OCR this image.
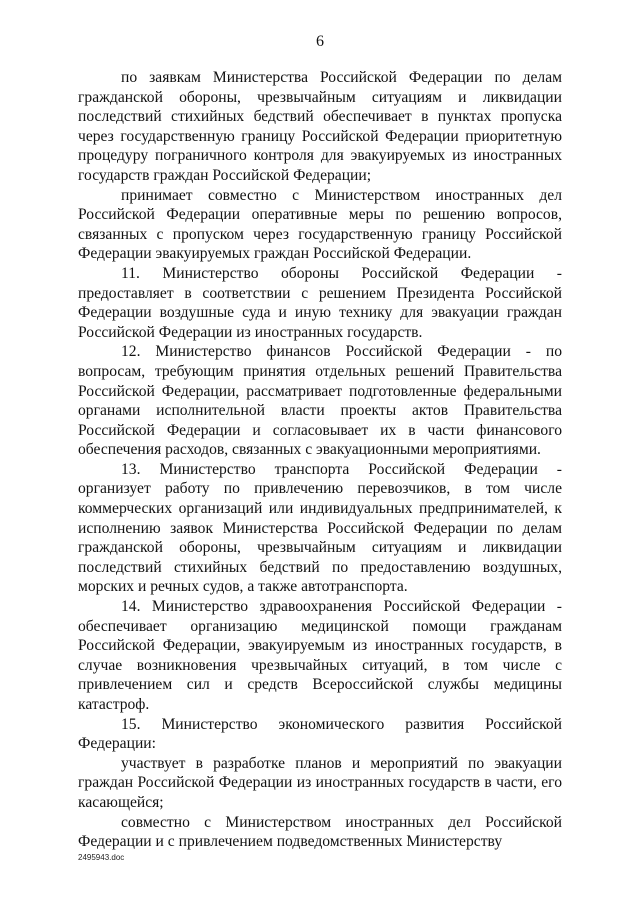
6

по заявкам Министерства Российской Федерации по делам гражданской обороны, чрезвычайным ситуациям и ликвидации последствий стихийных бедствий обеспечивает в пунктах пропуска через государственную границу Российской Федерации приоритетную процедуру пограничного контроля для эвакуируемых из иностранных государств граждан Российской Федерации;

принимает совместно с Министерством иностранных дел Российской Федерации оперативные меры по решению вопросов, связанных с пропуском через государственную границу Российской Федерации эвакуируемых граждан Российской Федерации.

11. Министерство обороны Российской Федерации - предоставляет в соответствии с решением Президента Российской Федерации воздушные суда и иную технику для эвакуации граждан Российской Федерации из иностранных государств.

12. Министерство финансов Российской Федерации - по вопросам, требующим принятия отдельных решений Правительства Российской Федерации, рассматривает подготовленные федеральными органами исполнительной власти проекты актов Правительства Российской Федерации и согласовывает их в части финансового обеспечения расходов, связанных с эвакуационными мероприятиями.

13. Министерство транспорта Российской Федерации - организует работу по привлечению перевозчиков, в том числе коммерческих организаций или индивидуальных предпринимателей, к исполнению заявок Министерства Российской Федерации по делам гражданской обороны, чрезвычайным ситуациям и ликвидации последствий стихийных бедствий по предоставлению воздушных, морских и речных судов, а также автотранспорта.

14. Министерство здравоохранения Российской Федерации - обеспечивает организацию медицинской помощи гражданам Российской Федерации, эвакуируемым из иностранных государств, в случае возникновения чрезвычайных ситуаций, в том числе с привлечением сил и средств Всероссийской службы медицины катастроф.

15. Министерство экономического развития Российской Федерации:

участвует в разработке планов и мероприятий по эвакуации граждан Российской Федерации из иностранных государств в части, его касающейся;

совместно с Министерством иностранных дел Российской Федерации и с привлечением подведомственных Министерству

2495943.doc
